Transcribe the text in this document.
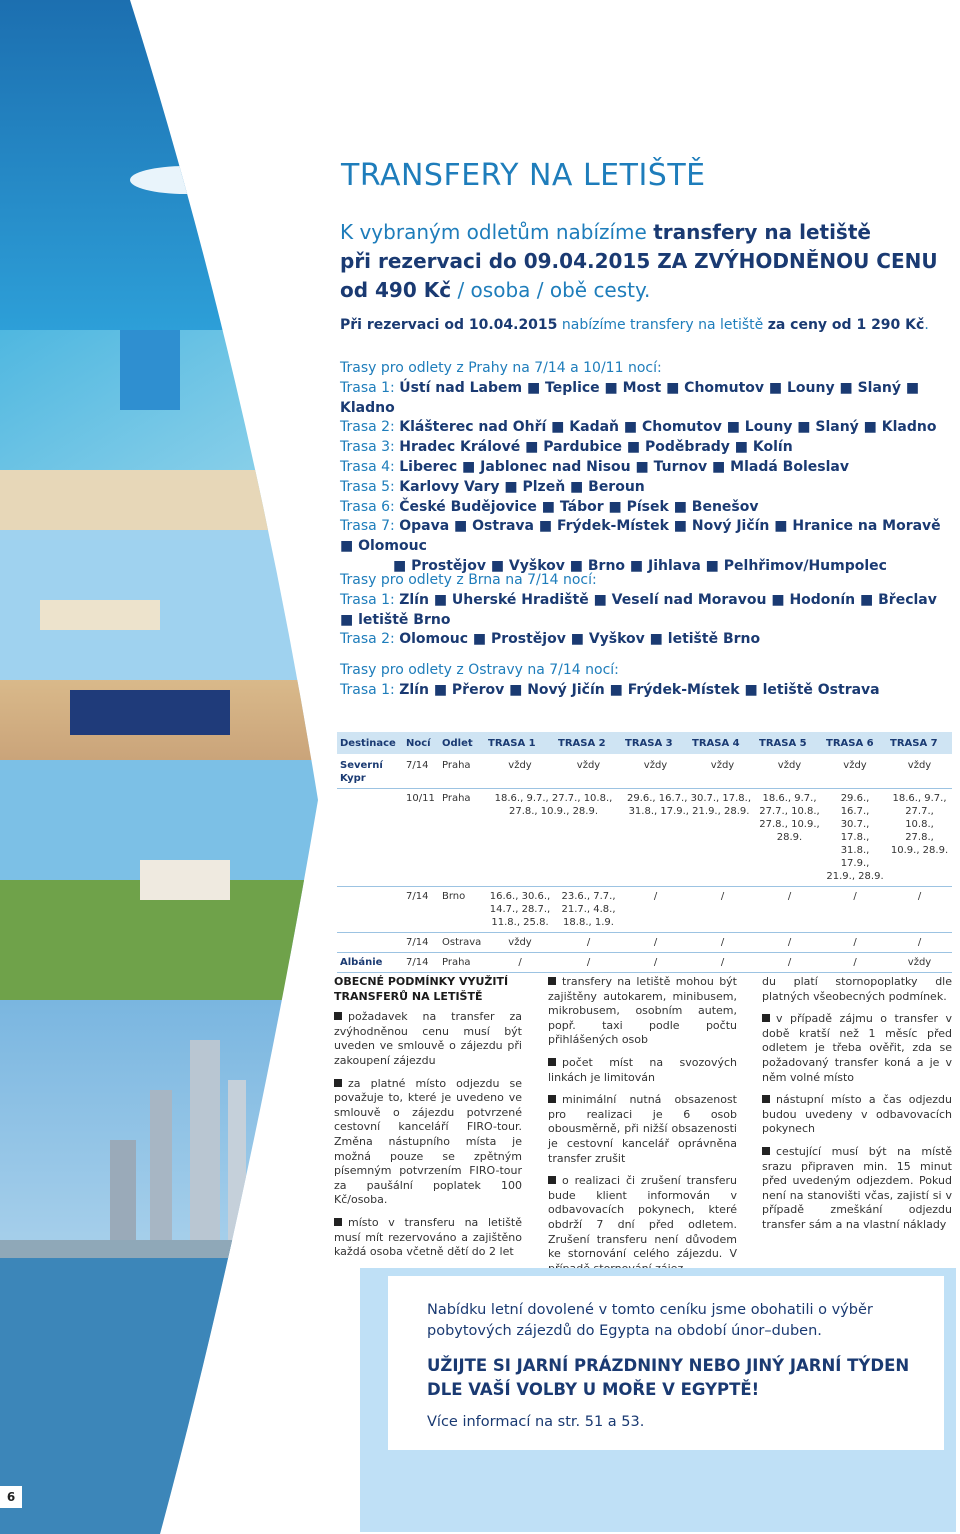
TRANSFERY NA LETIŠTĚ
K vybraným odletům nabízíme transfery na letiště
při rezervaci do 09.04.2015 ZA ZVÝHODNĚNOU CENU
od 490 Kč / osoba / obě cesty.
Při rezervaci od 10.04.2015 nabízíme transfery na letiště za ceny od 1 290 Kč.
Trasy pro odlety z Prahy na 7/14 a 10/11 nocí:
Trasa 1: Ústí nad Labem ■ Teplice ■ Most ■ Chomutov ■ Louny ■ Slaný ■ Kladno
Trasa 2: Klášterec nad Ohří ■ Kadaň ■ Chomutov ■ Louny ■ Slaný ■ Kladno
Trasa 3: Hradec Králové ■ Pardubice ■ Poděbrady ■ Kolín
Trasa 4: Liberec ■ Jablonec nad Nisou ■ Turnov ■ Mladá Boleslav
Trasa 5: Karlovy Vary ■ Plzeň ■ Beroun
Trasa 6: České Budějovice ■ Tábor ■ Písek ■ Benešov
Trasa 7: Opava ■ Ostrava ■ Frýdek-Místek ■ Nový Jičín ■ Hranice na Moravě ■ Olomouc
■ Prostějov ■ Vyškov ■ Brno ■ Jihlava ■ Pelhřimov/Humpolec
Trasy pro odlety z Brna na 7/14 nocí:
Trasa 1: Zlín ■ Uherské Hradiště ■ Veselí nad Moravou ■ Hodonín ■ Břeclav ■ letiště Brno
Trasa 2: Olomouc ■ Prostějov ■ Vyškov ■ letiště Brno
Trasy pro odlety z Ostravy na 7/14 nocí:
Trasa 1: Zlín ■ Přerov ■ Nový Jičín ■ Frýdek-Místek ■ letiště Ostrava
Destinace	Nocí	Odlet	TRASA 1	TRASA 2	TRASA 3	TRASA 4	TRASA 5	TRASA 6	TRASA 7
Severní Kypr	7/14	Praha	vždy	vždy	vždy	vždy	vždy	vždy	vždy
	10/11	Praha	18.6., 9.7., 27.7., 10.8., 27.8., 10.9., 28.9.		29.6., 16.7., 30.7., 17.8., 31.8., 17.9., 21.9., 28.9.		18.6., 9.7., 27.7., 10.8., 27.8., 10.9., 28.9.	29.6., 16.7., 30.7., 17.8., 31.8., 17.9., 21.9., 28.9.	18.6., 9.7., 27.7., 10.8., 27.8., 10.9., 28.9.
	7/14	Brno	16.6., 30.6., 14.7., 28.7., 11.8., 25.8.	23.6., 7.7., 21.7., 4.8., 18.8., 1.9.	/	/	/	/	/
	7/14	Ostrava	vždy	/	/	/	/	/	/
Albánie	7/14	Praha	/	/	/	/	/	/	vždy
OBECNÉ PODMÍNKY VYUŽITÍ
TRANSFERŮ NA LETIŠTĚ

požadavek na transfer za zvýhodněnou cenu musí být uveden ve smlouvě o zájezdu při zakoupení zájezdu

za platné místo odjezdu se považuje to, které je uvedeno ve smlouvě o zájezdu potvrzené cestovní kanceláří FIRO-tour. Změna nástupního místa je možná pouze se zpětným písemným potvrzením FIRO-tour za paušální poplatek 100 Kč/osoba.

místo v transferu na letiště musí mít rezervováno a zajištěno každá osoba včetně dětí do 2 let

transfery na letiště mohou být zajištěny autokarem, minibusem, mikrobusem, osobním autem, popř. taxi podle počtu přihlášených osob

počet míst na svozových linkách je limitován

minimální nutná obsazenost pro realizaci je 6 osob obousměrně, při nižší obsazenosti je cestovní kancelář oprávněna transfer zrušit

o realizaci či zrušení transferu bude klient informován v odbavovacích pokynech, které obdrží 7 dní před odletem. Zrušení transferu není důvodem ke stornování celého zájezdu. V

du platí stornopoplatky dle platných všeobecných podmínek.

v případě zájmu o transfer v době kratší než 1 měsíc před odletem je třeba ověřit, zda se požadovaný transfer koná a je v něm volné místo

nástupní místo a čas odjezdu budou uvedeny v odbavovacích pokynech

cestující musí být na místě srazu připraven min. 15 minut před uvedeným odjezdem. Pokud není na stanovišti včas, zajistí si v případě zmeškání odjezdu transfer sám a na vlastní náklady

Nabídku letní dovolené v tomto ceníku jsme obohatili o výběr
pobytových zájezdů do Egypta na období únor–duben.
UŽIJTE SI JARNÍ PRÁZDNINY NEBO JINÝ JARNÍ TÝDEN
DLE VAŠÍ VOLBY U MOŘE V EGYPTĚ!
Více informací na str. 51 a 53.
6
